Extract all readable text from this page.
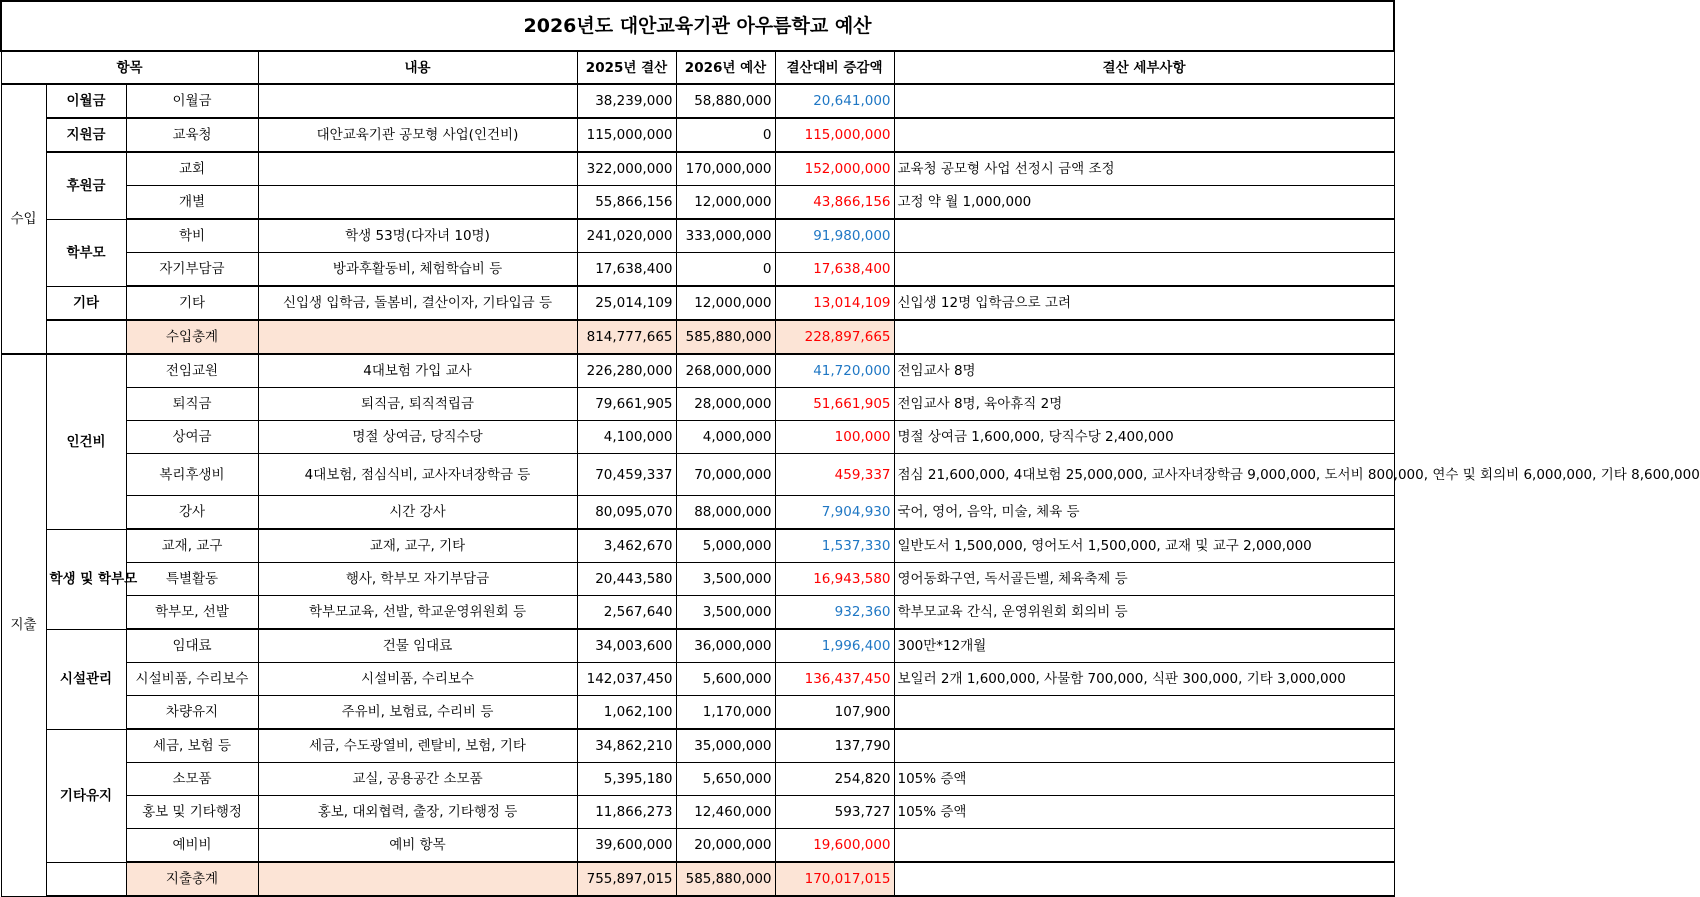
2026년도 대안교육기관 아우름학교 예산							
항목			내용	2025년 결산	2026년 예산	결산대비 증감액	결산 세부사항
수입	이월금	이월금		38,239,000	58,880,000	20,641,000	
	지원금	교육청	대안교육기관 공모형 사업(인건비)	115,000,000	0	115,000,000	
	후원금	교회		322,000,000	170,000,000	152,000,000	교육청 공모형 사업 선정시 금액 조정
		개별		55,866,156	12,000,000	43,866,156	고정 약 월 1,000,000
	학부모	학비	학생 53명(다자녀 10명)	241,020,000	333,000,000	91,980,000	
		자기부담금	방과후활동비, 체험학습비 등	17,638,400	0	17,638,400	
	기타	기타	신입생 입학금, 돌봄비, 결산이자, 기타입금 등	25,014,109	12,000,000	13,014,109	신입생 12명 입학금으로 고려
		수입총계		814,777,665	585,880,000	228,897,665	
지출	인건비	전임교원	4대보험 가입 교사	226,280,000	268,000,000	41,720,000	전임교사 8명
		퇴직금	퇴직금, 퇴직적립금	79,661,905	28,000,000	51,661,905	전임교사 8명, 육아휴직 2명
		상여금	명절 상여금, 당직수당	4,100,000	4,000,000	100,000	명절 상여금 1,600,000, 당직수당 2,400,000
		복리후생비	4대보험, 점심식비, 교사자녀장학금 등	70,459,337	70,000,000	459,337	점심 21,600,000, 4대보험 25,000,000, 교사자녀장학금 9,000,000, 도서비 800,000, 연수 및 회의비 6,000,000, 기타 8,600,000
		강사	시간 강사	80,095,070	88,000,000	7,904,930	국어, 영어, 음악, 미술, 체육 등
	학생 및 학부모	교재, 교구	교재, 교구, 기타	3,462,670	5,000,000	1,537,330	일반도서 1,500,000, 영어도서 1,500,000, 교재 및 교구 2,000,000
		특별활동	행사, 학부모 자기부담금	20,443,580	3,500,000	16,943,580	영어동화구연, 독서골든벨, 체육축제 등
		학부모, 선발	학부모교육, 선발, 학교운영위원회 등	2,567,640	3,500,000	932,360	학부모교육 간식, 운영위원회 회의비 등
	시설관리	임대료	건물 임대료	34,003,600	36,000,000	1,996,400	300만*12개월
		시설비품, 수리보수	시설비품, 수리보수	142,037,450	5,600,000	136,437,450	보일러 2개 1,600,000, 사물함 700,000, 식판 300,000, 기타 3,000,000
		차량유지	주유비, 보험료, 수리비 등	1,062,100	1,170,000	107,900	
	기타유지	세금, 보험 등	세금, 수도광열비, 렌탈비, 보험, 기타	34,862,210	35,000,000	137,790	
		소모품	교실, 공용공간 소모품	5,395,180	5,650,000	254,820	105% 증액
		홍보 및 기타행정	홍보, 대외협력, 출장, 기타행정 등	11,866,273	12,460,000	593,727	105% 증액
		예비비	예비 항목	39,600,000	20,000,000	19,600,000	
		지출총계		755,897,015	585,880,000	170,017,015	
